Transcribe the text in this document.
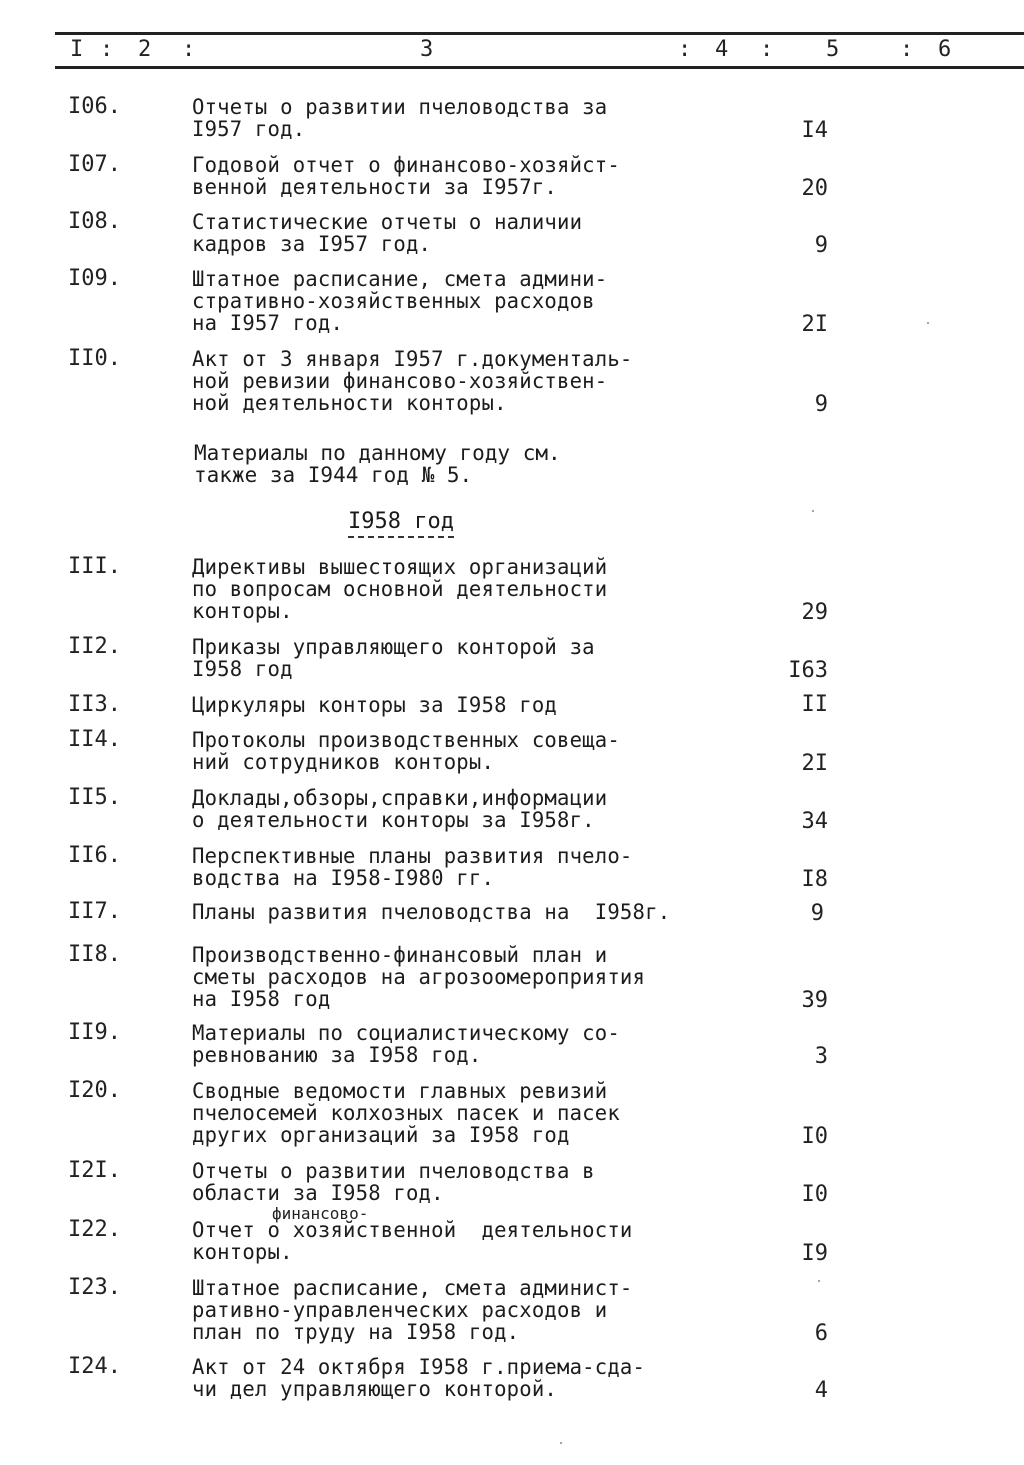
I : 2 :	3	: 4 : 5	: 6
I06.	Отчеты о развитии пчеловодства за
I957 год.	I4
I07.	Годовой отчет о финансово-хозяйст-
венной деятельности за I957г.	20
I08.	Статистические отчеты о наличии
кадров за I957 год.	9
I09.	Штатное расписание, смета админи-
стративно-хозяйственных расходов
на I957 год.	2I
II0.	Акт от 3 января I957 г.документаль-
ной ревизии финансово-хозяйствен-
ной деятельности конторы.	9
Материалы по данному году см.
также за I944 год № 5.
I958 год
III.	Директивы вышестоящих организаций
по вопросам основной деятельности
конторы.	29
II2.	Приказы управляющего конторой за
I958 год	I63
II3.	Циркуляры конторы за I958 год	II
II4.	Протоколы производственных совеща-
ний сотрудников конторы.	2I
II5.	Доклады,обзоры,справки,информации
о деятельности конторы за I958г.	34
II6.	Перспективные планы развития пчело-
водства на I958-I980 гг.	I8
II7.	Планы развития пчеловодства на  I958г.	9
II8.	Производственно-финансовый план и
сметы расходов на агрозоомероприятия
на I958 год	39
II9.	Материалы по социалистическому со-
ревнованию за I958 год.	3
I20.	Сводные ведомости главных ревизий
пчелосемей колхозных пасек и пасек
других организаций за I958 год	I0
I2I.	Отчеты о развитии пчеловодства в
области за I958 год.	I0
финансово-
I22.	Отчет о хозяйственной  деятельности
конторы.	I9
I23.	Штатное расписание, смета админист-
ративно-управленческих расходов и
план по труду на I958 год.	6
I24.	Акт от 24 октября I958 г.приема-сда-
чи дел управляющего конторой.	4
